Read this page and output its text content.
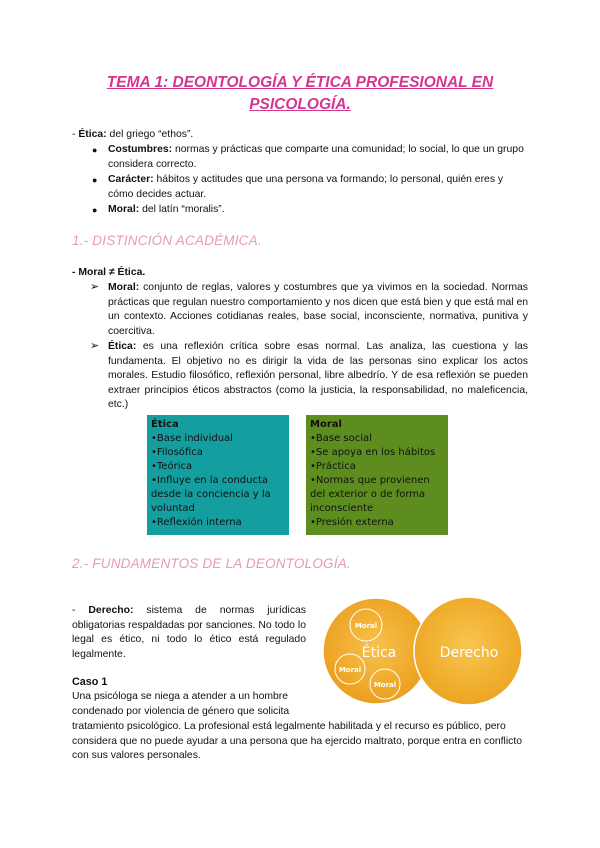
TEMA 1: DEONTOLOGÍA Y ÉTICA PROFESIONAL EN PSICOLOGÍA.
- Ética: del griego “ethos”.
● Costumbres: normas y prácticas que comparte una comunidad; lo social, lo que un grupo considera correcto.
● Carácter: hábitos y actitudes que una persona va formando; lo personal, quién eres y cómo decides actuar.
● Moral: del latín “moralis”.
1.- DISTINCIÓN ACADÉMICA.
- Moral ≠ Ética.
➢ Moral: conjunto de reglas, valores y costumbres que ya vivimos en la sociedad. Normas prácticas que regulan nuestro comportamiento y nos dicen que está bien y que está mal en un contexto. Acciones cotidianas reales, base social, inconsciente, normativa, punitiva y coercitiva.
➢ Ética: es una reflexión crítica sobre esas normal. Las analiza, las cuestiona y las fundamenta. El objetivo no es dirigir la vida de las personas sino explicar los actos morales. Estudio filosófico, reflexión personal, libre albedrío. Y de esa reflexión se pueden extraer principios éticos abstractos (como la justicia, la responsabilidad, no maleficencia, etc.)
Ética
•Base individual
•Filosófica
•Teórica
•Influye en la conducta desde la conciencia y la voluntad
•Reflexión interna
Moral
•Base social
•Se apoya en los hábitos
•Práctica
•Normas que provienen del exterior o de forma inconsciente
•Presión externa
2.- FUNDAMENTOS DE LA DEONTOLOGÍA.
- Derecho: sistema de normas jurídicas obligatorias respaldadas por sanciones. No todo lo legal es ético, ni todo lo ético está regulado legalmente.	Ética	Derecho
Moral
Moral
Moral
Caso 1
Una psicóloga se niega a atender a un hombre condenado por violencia de género que solicita
tratamiento psicológico. La profesional está legalmente habilitada y el recurso es público, pero considera que no puede ayudar a una persona que ha ejercido maltrato, porque entra en conflicto con sus valores personales.
